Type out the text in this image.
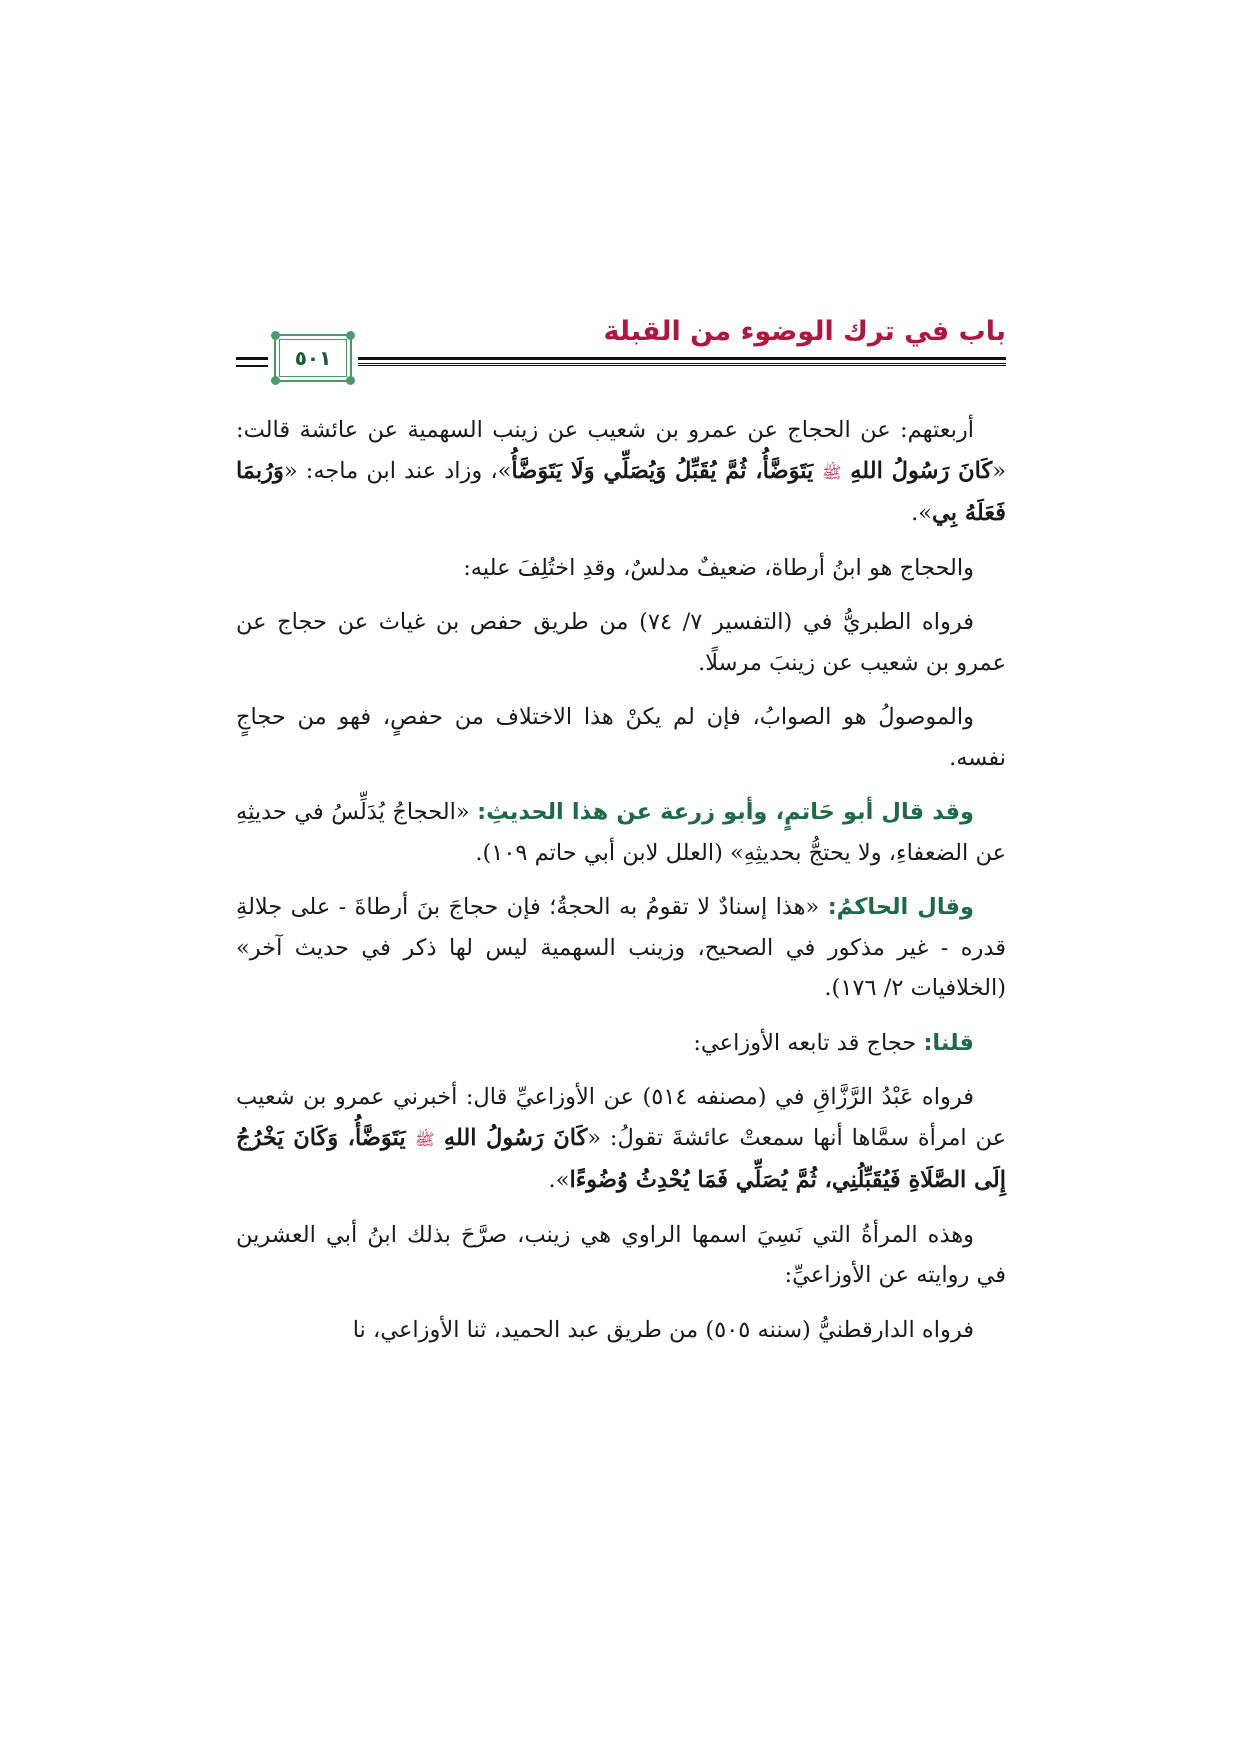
باب في ترك الوضوء من القبلة
٥٠١

أربعتهم: عن الحجاج عن عمرو بن شعيب عن زينب السهمية عن عائشة قالت: «كَانَ رَسُولُ اللهِ ﷺ يَتَوَضَّأُ، ثُمَّ يُقَبِّلُ وَيُصَلِّي وَلَا يَتَوَضَّأُ»، وزاد عند ابن ماجه: «وَرُبمَا فَعَلَهُ بِي».

والحجاج هو ابنُ أرطاة، ضعيفٌ مدلسٌ، وقدِ اختُلِفَ عليه:

فرواه الطبريُّ في (التفسير ٧/ ٧٤) من طريق حفص بن غياث عن حجاج عن عمرو بن شعيب عن زينبَ مرسلًا.

والموصولُ هو الصوابُ، فإن لم يكنْ هذا الاختلاف من حفصٍ، فهو من حجاجٍ نفسه.

وقد قال أبو حَاتمٍ، وأبو زرعة عن هذا الحديثِ: «الحجاجُ يُدَلِّسُ في حديثِهِ عن الضعفاءِ، ولا يحتجُّ بحديثِهِ» (العلل لابن أبي حاتم ١٠٩).

وقال الحاكمُ: «هذا إسنادٌ لا تقومُ به الحجةُ؛ فإن حجاجَ بنَ أرطاةَ - على جلالةِ قدره - غير مذكور في الصحيح، وزينب السهمية ليس لها ذكر في حديث آخر» (الخلافيات ٢/ ١٧٦).

قلنا: حجاج قد تابعه الأوزاعي:

فرواه عَبْدُ الرَّزَّاقِ في (مصنفه ٥١٤) عن الأوزاعيِّ قال: أخبرني عمرو بن شعيب عن امرأة سمَّاها أنها سمعتْ عائشةَ تقولُ: «كَانَ رَسُولُ اللهِ ﷺ يَتَوَضَّأُ، وَكَانَ يَخْرُجُ إِلَى الصَّلَاةِ فَيُقَبِّلُنِي، ثُمَّ يُصَلِّي فَمَا يُحْدِثُ وُضُوءًا».

وهذه المرأةُ التي نَسِيَ اسمها الراوي هي زينب، صرَّحَ بذلك ابنُ أبي العشرين في روايته عن الأوزاعيِّ:

فرواه الدارقطنيُّ (سننه ٥٠٥) من طريق عبد الحميد، ثنا الأوزاعي، نا
